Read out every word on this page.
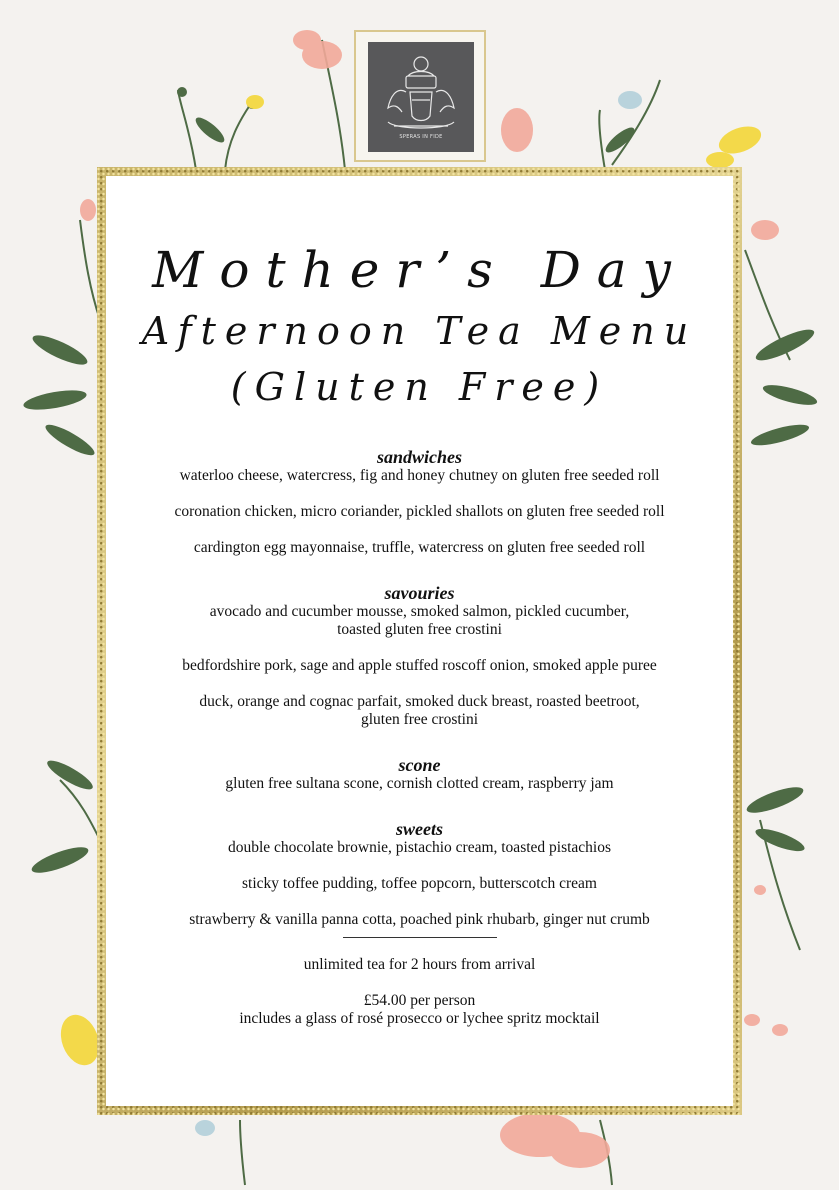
SPERAS IN FIDE
Mother’s Day
Afternoon Tea Menu
(Gluten Free)

sandwiches

waterloo cheese, watercress, fig and honey chutney on gluten free seeded roll

coronation chicken, micro coriander, pickled shallots on gluten free seeded roll

cardington egg mayonnaise, truffle, watercress on gluten free seeded roll

savouries

avocado and cucumber mousse, smoked salmon, pickled cucumber,
toasted gluten free crostini

bedfordshire pork, sage and apple stuffed roscoff onion, smoked apple puree

duck, orange and cognac parfait, smoked duck breast, roasted beetroot,
gluten free crostini

scone

gluten free sultana scone, cornish clotted cream, raspberry jam

sweets

double chocolate brownie, pistachio cream, toasted pistachios

sticky toffee pudding, toffee popcorn, butterscotch cream

strawberry & vanilla panna cotta, poached pink rhubarb, ginger nut crumb

unlimited tea for 2 hours from arrival

£54.00 per person

includes a glass of rosé prosecco or lychee spritz mocktail
